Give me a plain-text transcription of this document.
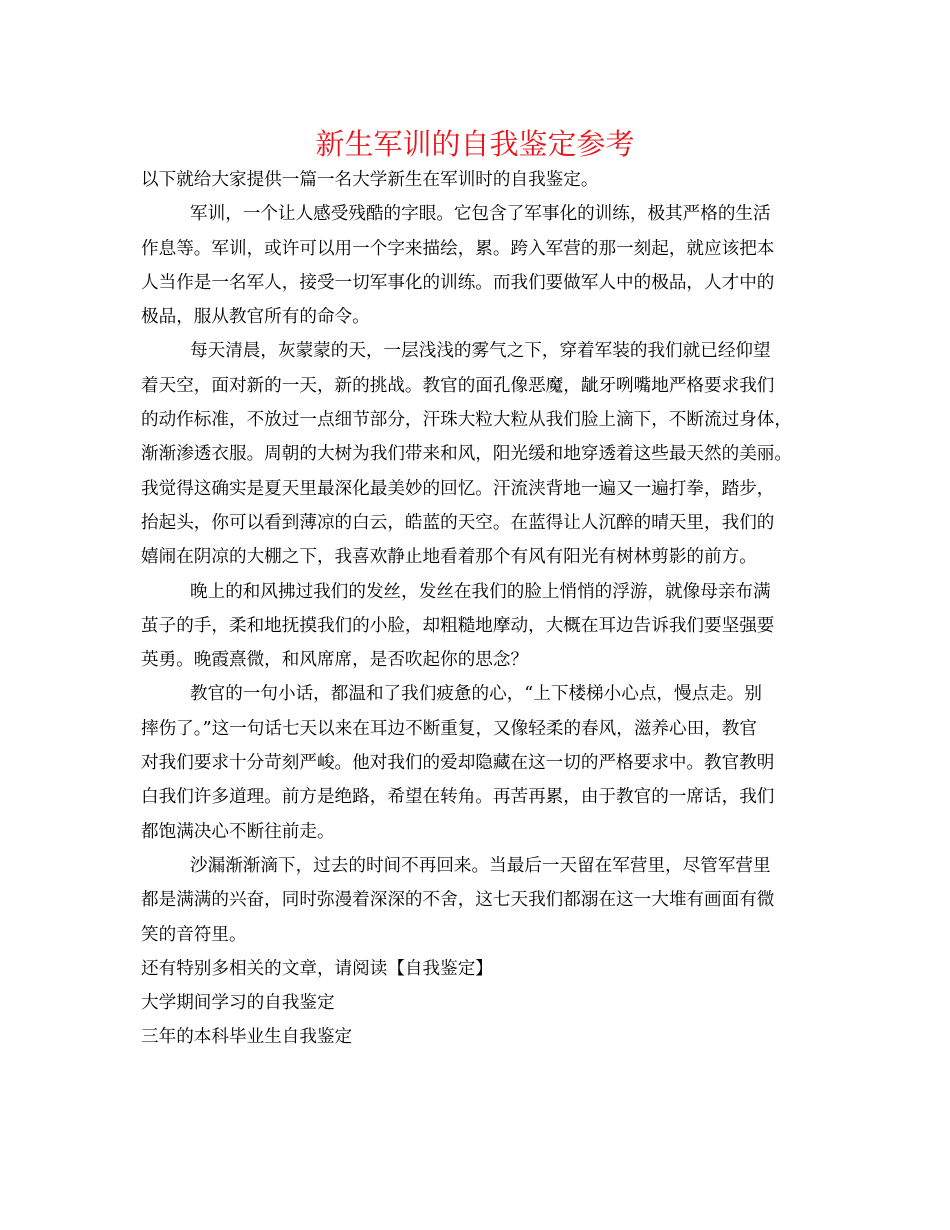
新生军训的自我鉴定参考
以下就给大家提供一篇一名大学新生在军训时的自我鉴定。
军训，一个让人感受残酷的字眼。它包含了军事化的训练，极其严格的生活
作息等。军训，或许可以用一个字来描绘，累。跨入军营的那一刻起，就应该把本
人当作是一名军人，接受一切军事化的训练。而我们要做军人中的极品，人才中的
极品，服从教官所有的命令。
每天清晨，灰蒙蒙的天，一层浅浅的雾气之下，穿着军装的我们就已经仰望
着天空，面对新的一天，新的挑战。教官的面孔像恶魔，龇牙咧嘴地严格要求我们
的动作标准，不放过一点细节部分，汗珠大粒大粒从我们脸上滴下，不断流过身体，
渐渐渗透衣服。周朝的大树为我们带来和风，阳光缓和地穿透着这些最天然的美丽。
我觉得这确实是夏天里最深化最美妙的回忆。汗流浃背地一遍又一遍打拳，踏步，
抬起头，你可以看到薄凉的白云，皓蓝的天空。在蓝得让人沉醉的晴天里，我们的
嬉闹在阴凉的大棚之下，我喜欢静止地看着那个有风有阳光有树林剪影的前方。
晚上的和风拂过我们的发丝，发丝在我们的脸上悄悄的浮游，就像母亲布满
茧子的手，柔和地抚摸我们的小脸，却粗糙地摩动，大概在耳边告诉我们要坚强要
英勇。晚霞熹微，和风席席，是否吹起你的思念？
教官的一句小话，都温和了我们疲惫的心，“上下楼梯小心点，慢点走。别
摔伤了。”这一句话七天以来在耳边不断重复，又像轻柔的春风，滋养心田，教官
对我们要求十分苛刻严峻。他对我们的爱却隐藏在这一切的严格要求中。教官教明
白我们许多道理。前方是绝路，希望在转角。再苦再累，由于教官的一席话，我们
都饱满决心不断往前走。
沙漏渐渐滴下，过去的时间不再回来。当最后一天留在军营里，尽管军营里
都是满满的兴奋，同时弥漫着深深的不舍，这七天我们都溺在这一大堆有画面有微
笑的音符里。
还有特别多相关的文章，请阅读【自我鉴定】
大学期间学习的自我鉴定
三年的本科毕业生自我鉴定
